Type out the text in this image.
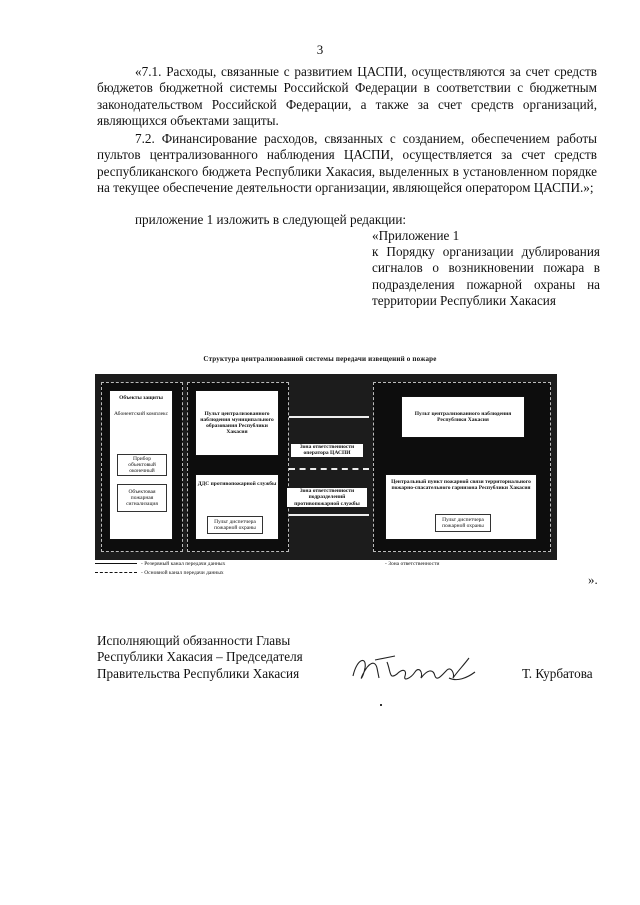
3
«7.1. Расходы, связанные с развитием ЦАСПИ, осуществляются за счет средств бюджетов бюджетной системы Российской Федерации в соответствии с бюджетным законодательством Российской Федерации, а также за счет средств организаций, являющихся объектами защиты.
7.2. Финансирование расходов, связанных с созданием, обеспечением работы пультов централизованного наблюдения ЦАСПИ, осуществляется за счет средств республиканского бюджета Республики Хакасия, выделенных в установленном порядке на текущее обеспечение деятельности организации, являющейся оператором ЦАСПИ.»;
приложение 1 изложить в следующей редакции:
«Приложение 1
к Порядку организации дублирования сигналов о возникновении пожара в подразделения пожарной охраны на территории Республики Хакасия
Структура централизованной системы передачи извещений о пожаре
Объекты защиты
Абонентский комплекс
Прибор объектовый оконечный
Объектовая пожарная сигнализация
Пульт централизованного наблюдения муниципального образования Республики Хакасия
ДДС противопожарной службы
Пульт диспетчера пожарной охраны
Зона ответственности оператора ЦАСПИ
Зона ответственности подразделений противопожарной службы
Пульт централизованного наблюдения Республики Хакасия
Центральный пункт пожарной связи территориального пожарно-спасательного гарнизона Республики Хакасия
Пульт диспетчера пожарной охраны
- Резервный канал передачи данных
- Основной канал передачи данных
- Зона ответственности
».
Исполняющий обязанности Главы
Республики Хакасия – Председателя
Правительства Республики Хакасия	Т. Курбатова
